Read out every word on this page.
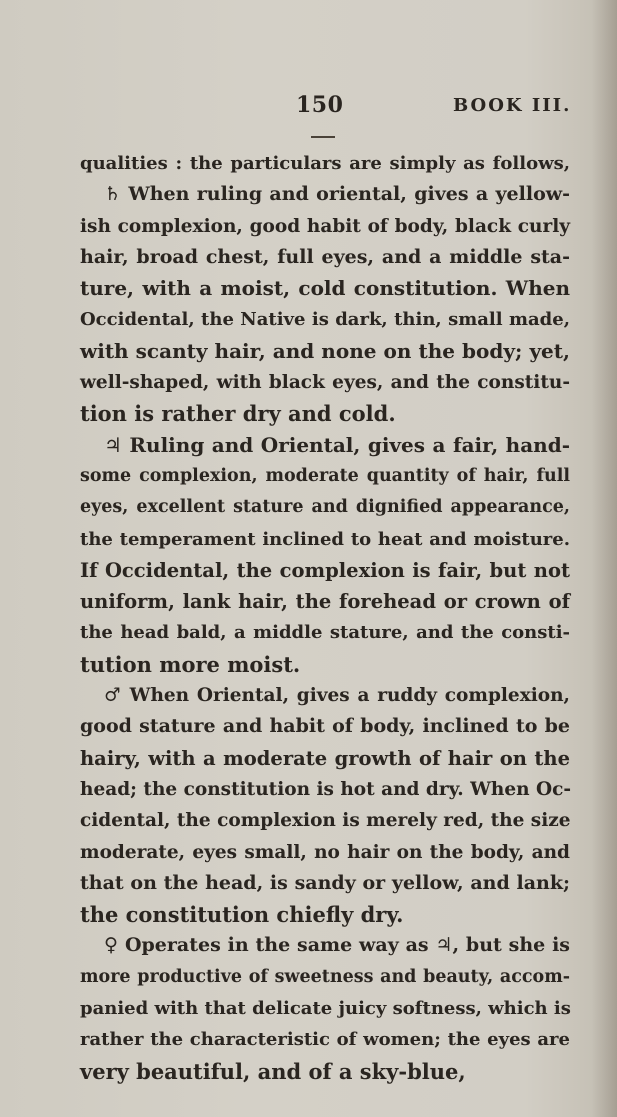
150	BOOK III.
qualities : the particulars are simply as follows,
♄ When ruling and oriental, gives a yellow-
ish complexion, good habit of body, black curly
hair, broad chest, full eyes, and a middle sta-
ture, with a moist, cold constitution. When
Occidental, the Native is dark, thin, small made,
with scanty hair, and none on the body; yet,
well-shaped, with black eyes, and the constitu-
tion is rather dry and cold.
♃ Ruling and Oriental, gives a fair, hand-
some complexion, moderate quantity of hair, full
eyes, excellent stature and dignified appearance,
the temperament inclined to heat and moisture.
If Occidental, the complexion is fair, but not
uniform, lank hair, the forehead or crown of
the head bald, a middle stature, and the consti-
tution more moist.
♂ When Oriental, gives a ruddy complexion,
good stature and habit of body, inclined to be
hairy, with a moderate growth of hair on the
head; the constitution is hot and dry. When Oc-
cidental, the complexion is merely red, the size
moderate, eyes small, no hair on the body, and
that on the head, is sandy or yellow, and lank;
the constitution chiefly dry.
♀ Operates in the same way as ♃, but she is
more productive of sweetness and beauty, accom-
panied with that delicate juicy softness, which is
rather the characteristic of women; the eyes are
very beautiful, and of a sky-blue,
